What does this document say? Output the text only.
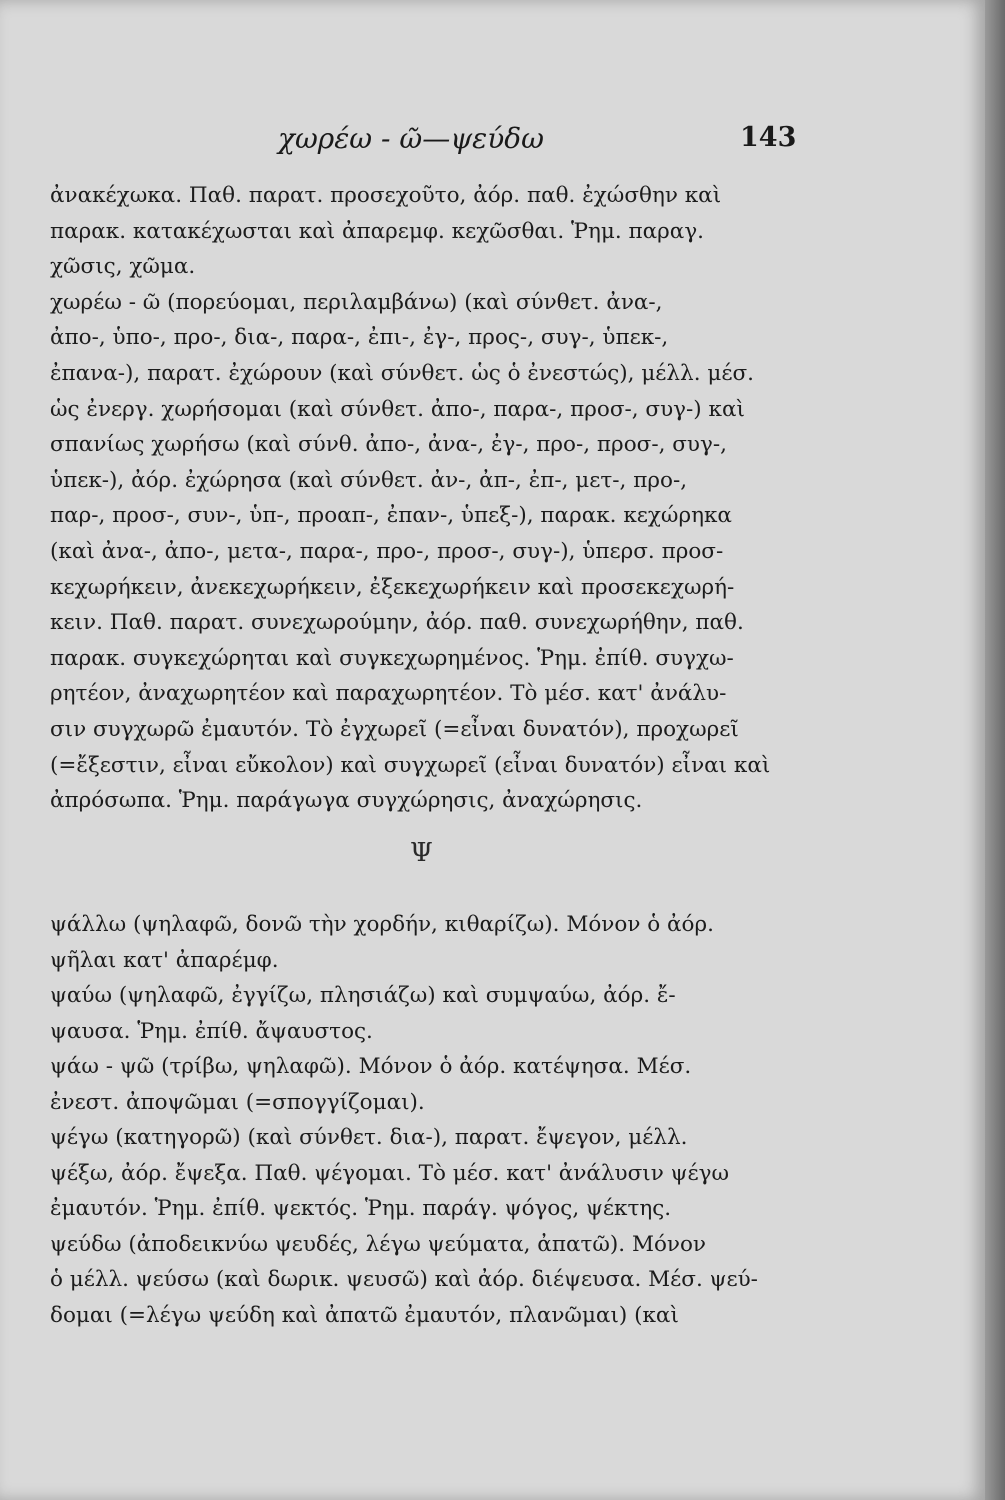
χωρέω - ῶ—ψεύδω	143
ἀνακέχωκα. Παθ. παρατ. προσεχοῦτο, ἀόρ. παθ. ἐχώσθην καὶ
παρακ. κατακέχωσται καὶ ἀπαρεμφ. κεχῶσθαι. Ῥημ. παραγ.
χῶσις, χῶμα.
χωρέω - ῶ (πορεύομαι, περιλαμβάνω) (καὶ σύνθετ. ἀνα-,
ἀπο-, ὑπο-, προ-, δια-, παρα-, ἐπι-, ἐγ-, προς-, συγ-, ὑπεκ-,
ἐπανα-), παρατ. ἐχώρουν (καὶ σύνθετ. ὡς ὁ ἐνεστώς), μέλλ. μέσ.
ὡς ἐνεργ. χωρήσομαι (καὶ σύνθετ. ἀπο-, παρα-, προσ-, συγ-) καὶ
σπανίως χωρήσω (καὶ σύνθ. ἀπο-, ἀνα-, ἐγ-, προ-, προσ-, συγ-,
ὑπεκ-), ἀόρ. ἐχώρησα (καὶ σύνθετ. ἀν-, ἀπ-, ἐπ-, μετ-, προ-,
παρ-, προσ-, συν-, ὑπ-, προαπ-, ἐπαν-, ὑπεξ-), παρακ. κεχώρηκα
(καὶ ἀνα-, ἀπο-, μετα-, παρα-, προ-, προσ-, συγ-), ὑπερσ. προσ-
κεχωρήκειν, ἀνεκεχωρήκειν, ἐξεκεχωρήκειν καὶ προσεκεχωρή-
κειν. Παθ. παρατ. συνεχωρούμην, ἀόρ. παθ. συνεχωρήθην, παθ.
παρακ. συγκεχώρηται καὶ συγκεχωρημένος. Ῥημ. ἐπίθ. συγχω-
ρητέον, ἀναχωρητέον καὶ παραχωρητέον. Τὸ μέσ. κατ' ἀνάλυ-
σιν συγχωρῶ ἐμαυτόν. Τὸ ἐγχωρεῖ (=εἶναι δυνατόν), προχωρεῖ
(=ἔξεστιν, εἶναι εὔκολον) καὶ συγχωρεῖ (εἶναι δυνατόν) εἶναι καὶ
ἀπρόσωπα. Ῥημ. παράγωγα συγχώρησις, ἀναχώρησις.
Ψ
ψάλλω (ψηλαφῶ, δονῶ τὴν χορδήν, κιθαρίζω). Μόνον ὁ ἀόρ.
ψῆλαι κατ' ἀπαρέμφ.
ψαύω (ψηλαφῶ, ἐγγίζω, πλησιάζω) καὶ συμψαύω, ἀόρ. ἔ-
ψαυσα. Ῥημ. ἐπίθ. ἄψαυστος.
ψάω - ψῶ (τρίβω, ψηλαφῶ). Μόνον ὁ ἀόρ. κατέψησα. Μέσ.
ἐνεστ. ἀποψῶμαι (=σπογγίζομαι).
ψέγω (κατηγορῶ) (καὶ σύνθετ. δια-), παρατ. ἔψεγον, μέλλ.
ψέξω, ἀόρ. ἔψεξα. Παθ. ψέγομαι. Τὸ μέσ. κατ' ἀνάλυσιν ψέγω
ἐμαυτόν. Ῥημ. ἐπίθ. ψεκτός. Ῥημ. παράγ. ψόγος, ψέκτης.
ψεύδω (ἀποδεικνύω ψευδές, λέγω ψεύματα, ἀπατῶ). Μόνον
ὁ μέλλ. ψεύσω (καὶ δωρικ. ψευσῶ) καὶ ἀόρ. διέψευσα. Μέσ. ψεύ-
δομαι (=λέγω ψεύδη καὶ ἀπατῶ ἐμαυτόν, πλανῶμαι) (καὶ
